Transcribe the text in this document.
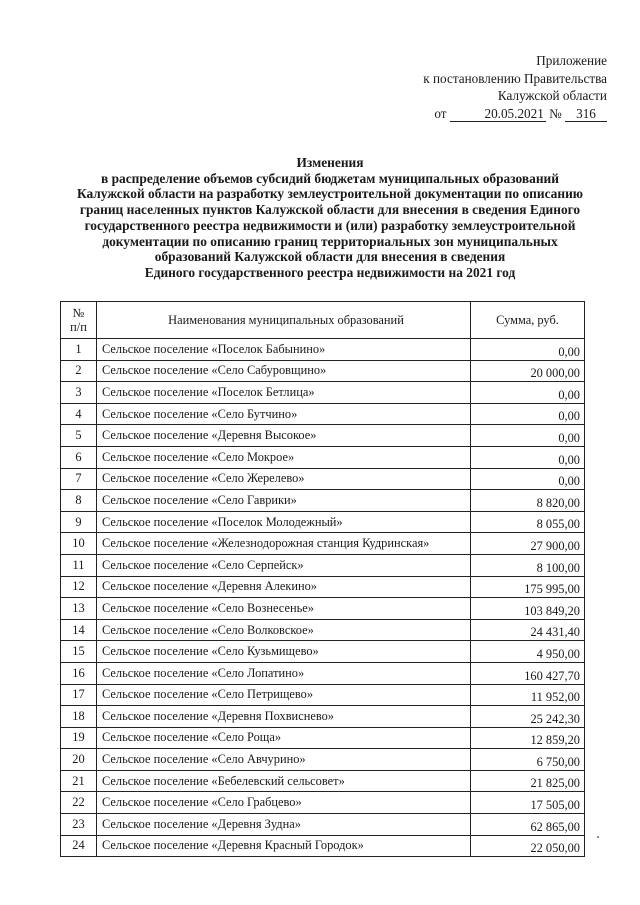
Приложение
к постановлению Правительства
Калужской области
от	20.05.2021 № 316
Изменения
в распределение объемов субсидий бюджетам муниципальных образований
Калужской области на разработку землеустроительной документации по описанию
границ населенных пунктов Калужской области для внесения в сведения Единого
государственного реестра недвижимости и (или) разработку землеустроительной
документации по описанию границ территориальных зон муниципальных
образований Калужской области для внесения в сведения
Единого государственного реестра недвижимости на 2021 год
№
п/п	Наименования муниципальных образований	Сумма, руб.
1	Сельское поселение «Поселок Бабынино»	0,00
2	Сельское поселение «Село Сабуровщино»	20 000,00
3	Сельское поселение «Поселок Бетлица»	0,00
4	Сельское поселение «Село Бутчино»	0,00
5	Сельское поселение «Деревня Высокое»	0,00
6	Сельское поселение «Село Мокрое»	0,00
7	Сельское поселение «Село Жерелево»	0,00
8	Сельское поселение «Село Гаврики»	8 820,00
9	Сельское поселение «Поселок Молодежный»	8 055,00
10	Сельское поселение «Железнодорожная станция Кудринская»	27 900,00
11	Сельское поселение «Село Серпейск»	8 100,00
12	Сельское поселение «Деревня Алекино»	175 995,00
13	Сельское поселение «Село Вознесенье»	103 849,20
14	Сельское поселение «Село Волковское»	24 431,40
15	Сельское поселение «Село Кузьмищево»	4 950,00
16	Сельское поселение «Село Лопатино»	160 427,70
17	Сельское поселение «Село Петрищево»	11 952,00
18	Сельское поселение «Деревня Похвиснево»	25 242,30
19	Сельское поселение «Село Роща»	12 859,20
20	Сельское поселение «Село Авчурино»	6 750,00
21	Сельское поселение «Бебелевский сельсовет»	21 825,00
22	Сельское поселение «Село Грабцево»	17 505,00
23	Сельское поселение «Деревня Зудна»	62 865,00
24	Сельское поселение «Деревня Красный Городок»	22 050,00
